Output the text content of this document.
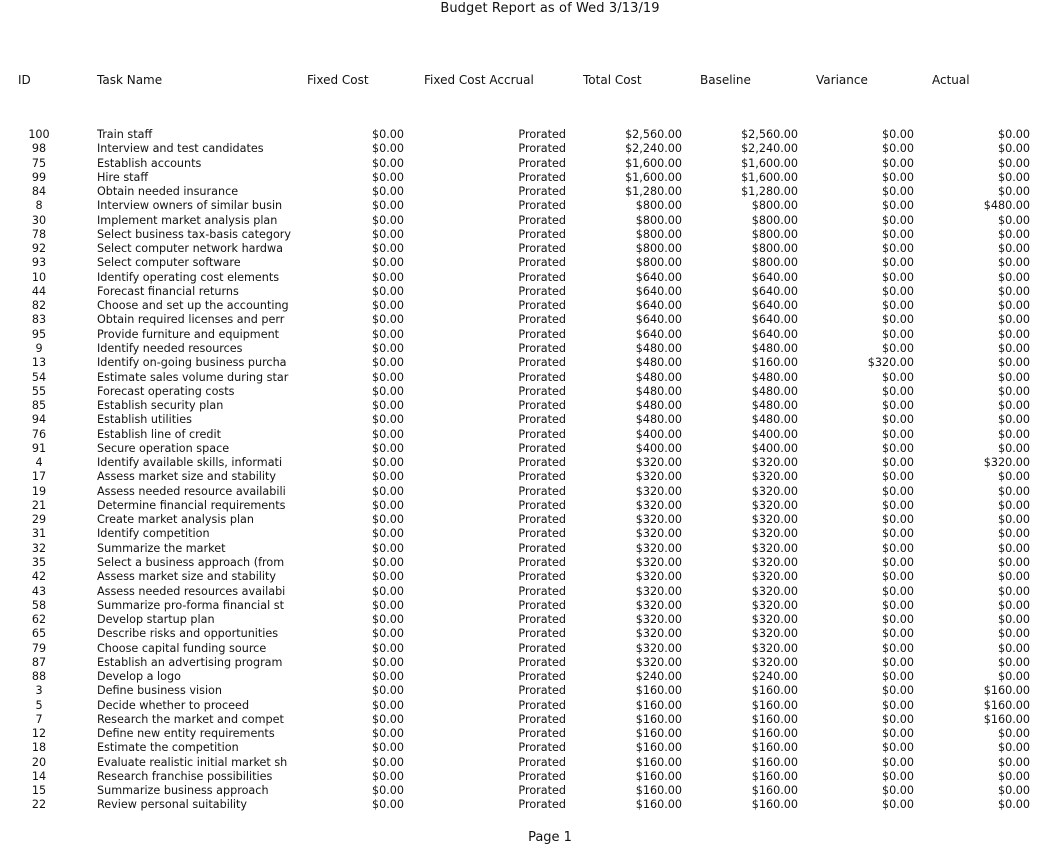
Budget Report as of Wed 3/13/19
ID	Task Name	Fixed Cost	Fixed Cost Accrual	Total Cost	Baseline	Variance	Actual
100	Train staff	$0.00	Prorated	$2,560.00	$2,560.00	$0.00	$0.00
98	Interview and test candidates	$0.00	Prorated	$2,240.00	$2,240.00	$0.00	$0.00
75	Establish accounts	$0.00	Prorated	$1,600.00	$1,600.00	$0.00	$0.00
99	Hire staff	$0.00	Prorated	$1,600.00	$1,600.00	$0.00	$0.00
84	Obtain needed insurance	$0.00	Prorated	$1,280.00	$1,280.00	$0.00	$0.00
8	Interview owners of similar busin	$0.00	Prorated	$800.00	$800.00	$0.00	$480.00
30	Implement market analysis plan	$0.00	Prorated	$800.00	$800.00	$0.00	$0.00
78	Select business tax-basis category	$0.00	Prorated	$800.00	$800.00	$0.00	$0.00
92	Select computer network hardwa	$0.00	Prorated	$800.00	$800.00	$0.00	$0.00
93	Select computer software	$0.00	Prorated	$800.00	$800.00	$0.00	$0.00
10	Identify operating cost elements	$0.00	Prorated	$640.00	$640.00	$0.00	$0.00
44	Forecast financial returns	$0.00	Prorated	$640.00	$640.00	$0.00	$0.00
82	Choose and set up the accounting	$0.00	Prorated	$640.00	$640.00	$0.00	$0.00
83	Obtain required licenses and perr	$0.00	Prorated	$640.00	$640.00	$0.00	$0.00
95	Provide furniture and equipment	$0.00	Prorated	$640.00	$640.00	$0.00	$0.00
9	Identify needed resources	$0.00	Prorated	$480.00	$480.00	$0.00	$0.00
13	Identify on-going business purcha	$0.00	Prorated	$480.00	$160.00	$320.00	$0.00
54	Estimate sales volume during star	$0.00	Prorated	$480.00	$480.00	$0.00	$0.00
55	Forecast operating costs	$0.00	Prorated	$480.00	$480.00	$0.00	$0.00
85	Establish security plan	$0.00	Prorated	$480.00	$480.00	$0.00	$0.00
94	Establish utilities	$0.00	Prorated	$480.00	$480.00	$0.00	$0.00
76	Establish line of credit	$0.00	Prorated	$400.00	$400.00	$0.00	$0.00
91	Secure operation space	$0.00	Prorated	$400.00	$400.00	$0.00	$0.00
4	Identify available skills, informati	$0.00	Prorated	$320.00	$320.00	$0.00	$320.00
17	Assess market size and stability	$0.00	Prorated	$320.00	$320.00	$0.00	$0.00
19	Assess needed resource availabili	$0.00	Prorated	$320.00	$320.00	$0.00	$0.00
21	Determine financial requirements	$0.00	Prorated	$320.00	$320.00	$0.00	$0.00
29	Create market analysis plan	$0.00	Prorated	$320.00	$320.00	$0.00	$0.00
31	Identify competition	$0.00	Prorated	$320.00	$320.00	$0.00	$0.00
32	Summarize the market	$0.00	Prorated	$320.00	$320.00	$0.00	$0.00
35	Select a business approach (from	$0.00	Prorated	$320.00	$320.00	$0.00	$0.00
42	Assess market size and stability	$0.00	Prorated	$320.00	$320.00	$0.00	$0.00
43	Assess needed resources availabi	$0.00	Prorated	$320.00	$320.00	$0.00	$0.00
58	Summarize pro-forma financial st	$0.00	Prorated	$320.00	$320.00	$0.00	$0.00
62	Develop startup plan	$0.00	Prorated	$320.00	$320.00	$0.00	$0.00
65	Describe risks and opportunities	$0.00	Prorated	$320.00	$320.00	$0.00	$0.00
79	Choose capital funding source	$0.00	Prorated	$320.00	$320.00	$0.00	$0.00
87	Establish an advertising program	$0.00	Prorated	$320.00	$320.00	$0.00	$0.00
88	Develop a logo	$0.00	Prorated	$240.00	$240.00	$0.00	$0.00
3	Define business vision	$0.00	Prorated	$160.00	$160.00	$0.00	$160.00
5	Decide whether to proceed	$0.00	Prorated	$160.00	$160.00	$0.00	$160.00
7	Research the market and compet	$0.00	Prorated	$160.00	$160.00	$0.00	$160.00
12	Define new entity requirements	$0.00	Prorated	$160.00	$160.00	$0.00	$0.00
18	Estimate the competition	$0.00	Prorated	$160.00	$160.00	$0.00	$0.00
20	Evaluate realistic initial market sh	$0.00	Prorated	$160.00	$160.00	$0.00	$0.00
14	Research franchise possibilities	$0.00	Prorated	$160.00	$160.00	$0.00	$0.00
15	Summarize business approach	$0.00	Prorated	$160.00	$160.00	$0.00	$0.00
22	Review personal suitability	$0.00	Prorated	$160.00	$160.00	$0.00	$0.00
Page 1
